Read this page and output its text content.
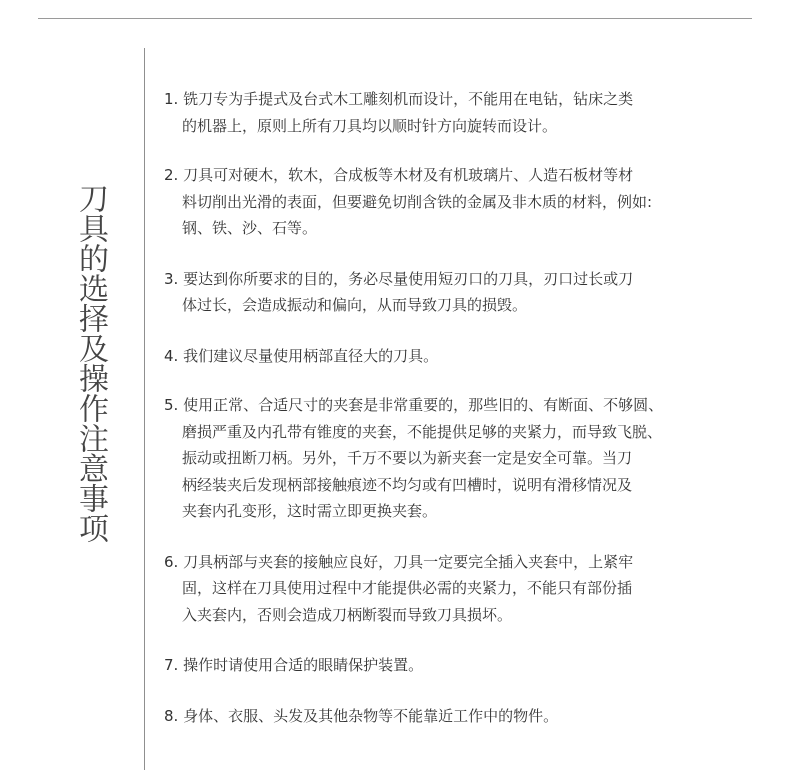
刀具的选择及操作注意事项
1. 铣刀专为手提式及台式木工雕刻机而设计，不能用在电钻，钻床之类
的机器上，原则上所有刀具均以顺时针方向旋转而设计。
2. 刀具可对硬木，软木，合成板等木材及有机玻璃片、人造石板材等材
料切削出光滑的表面，但要避免切削含铁的金属及非木质的材料，例如:
钢、铁、沙、石等。
3. 要达到你所要求的目的，务必尽量使用短刃口的刀具，刃口过长或刀
体过长，会造成振动和偏向，从而导致刀具的损毁。
4. 我们建议尽量使用柄部直径大的刀具。
5. 使用正常、合适尺寸的夹套是非常重要的，那些旧的、有断面、不够圆、
磨损严重及内孔带有锥度的夹套，不能提供足够的夹紧力，而导致飞脱、
振动或扭断刀柄。另外，千万不要以为新夹套一定是安全可靠。当刀
柄经装夹后发现柄部接触痕迹不均匀或有凹槽时，说明有滑移情况及
夹套内孔变形，这时需立即更换夹套。
6. 刀具柄部与夹套的接触应良好，刀具一定要完全插入夹套中，上紧牢
固，这样在刀具使用过程中才能提供必需的夹紧力，不能只有部份插
入夹套内，否则会造成刀柄断裂而导致刀具损坏。
7. 操作时请使用合适的眼睛保护装置。
8. 身体、衣服、头发及其他杂物等不能靠近工作中的物件。
